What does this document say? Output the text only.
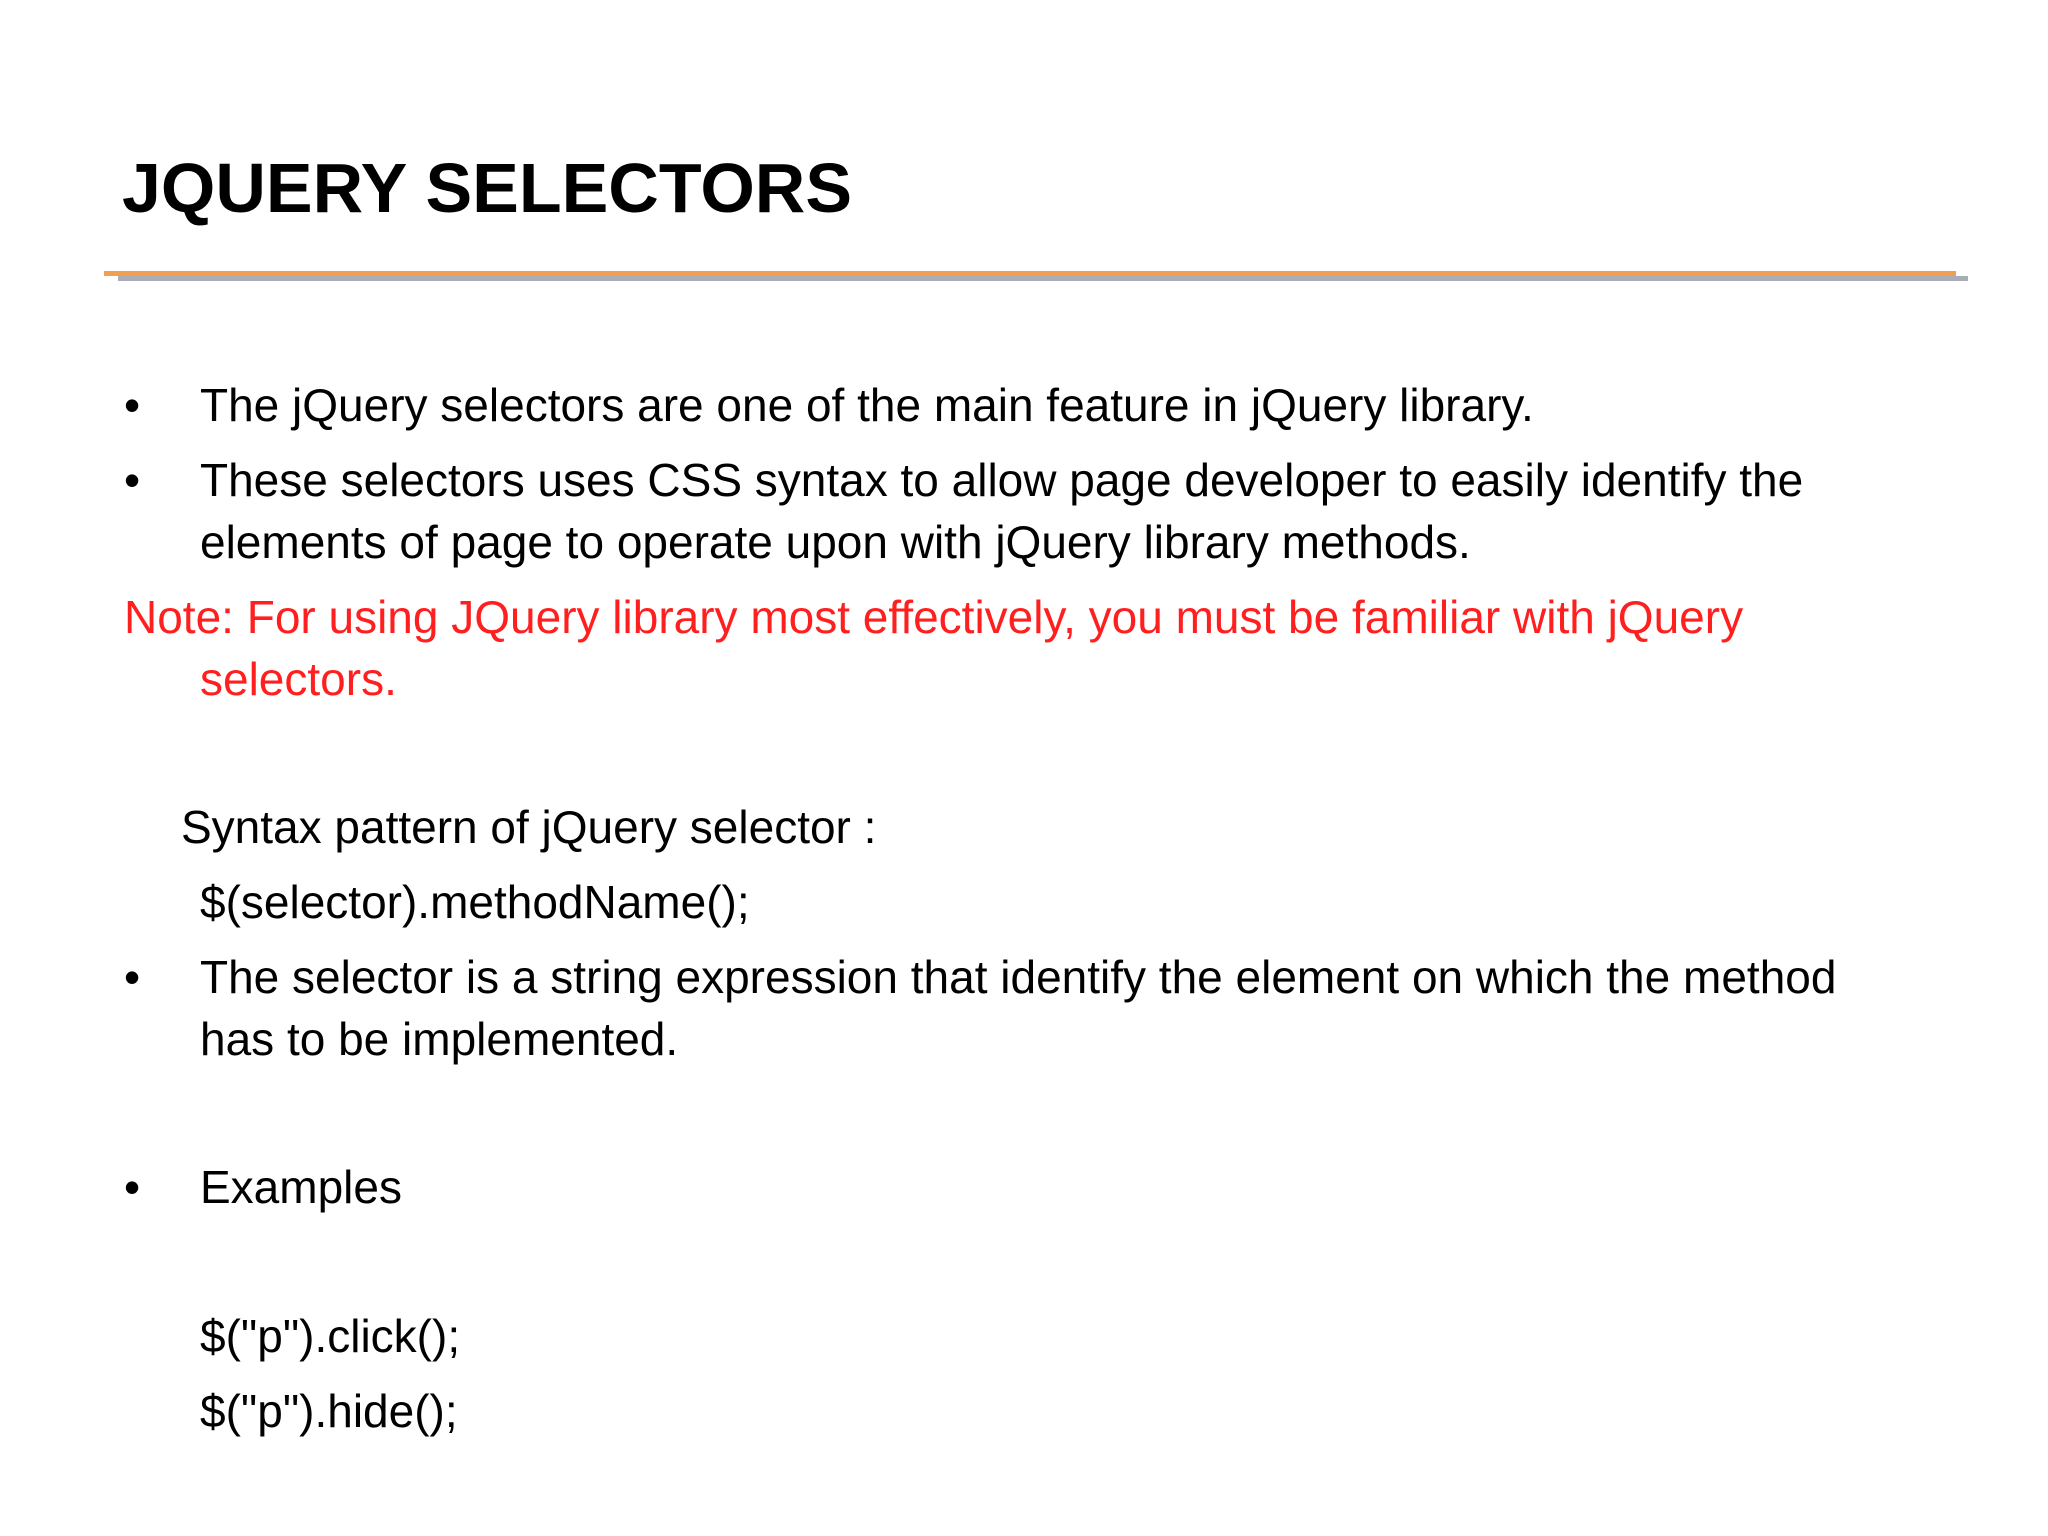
JQUERY SELECTORS
• The jQuery selectors are one of the main feature in jQuery library.
• These selectors uses CSS syntax to allow page developer to easily identify the
elements of page to operate upon with jQuery library methods.
Note: For using JQuery library most effectively, you must be familiar with jQuery
selectors.
Syntax pattern of jQuery selector :
$(selector).methodName();
• The selector is a string expression that identify the element on which the method
has to be implemented.
• Examples
$("p").click();
$("p").hide();
